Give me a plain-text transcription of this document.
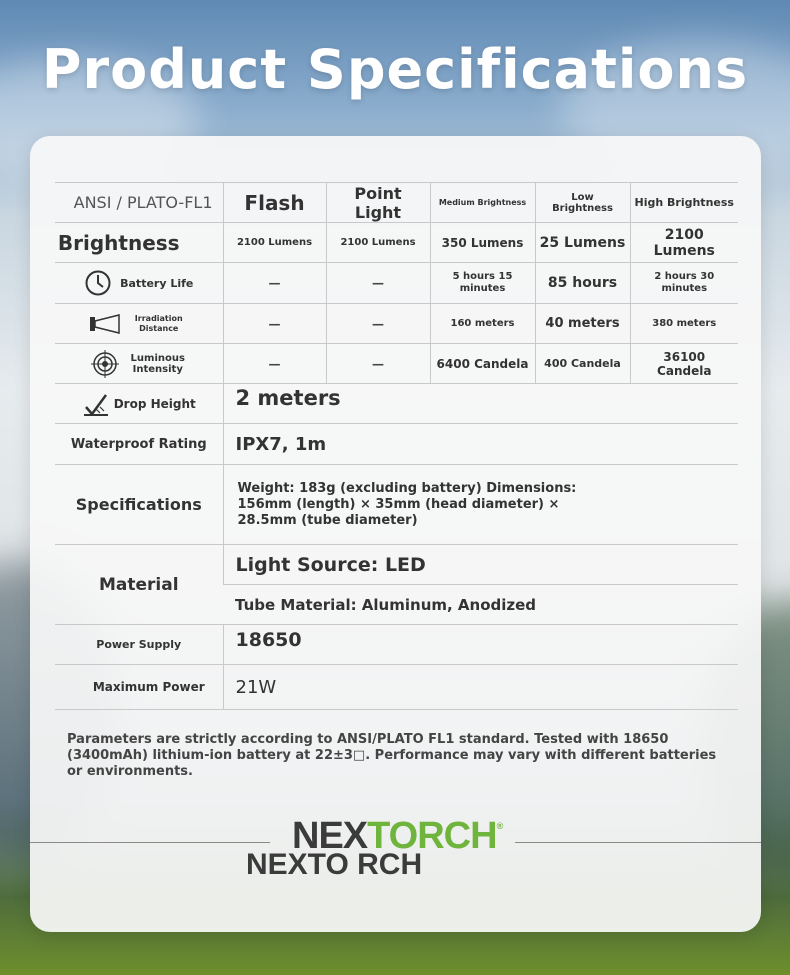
Product Specifications
ANSI / PLATO-FL1	Flash	Point Light	Medium Brightness	Low Brightness	High Brightness
Brightness	2100 Lumens	2100 Lumens	350 Lumens	25 Lumens	2100 Lumens

Battery Life	—	—	5 hours 15 minutes	85 hours	2 hours 30 minutes

Irradiation Distance	—	—	160 meters	40 meters	380 meters

Luminous Intensity	—	—	6400 Candela	400 Candela	36100 Candela

Drop Height	2 meters
Waterproof Rating	IPX7, 1m
Specifications	Weight: 183g (excluding battery) Dimensions: 156mm (length) × 35mm (head diameter) × 28.5mm (tube diameter)
Material	Light Source: LED
Tube Material: Aluminum, Anodized
Power Supply	18650
Maximum Power	21W
Parameters are strictly according to ANSI/PLATO FL1 standard. Tested with 18650 (3400mAh) lithium-ion battery at 22±3□. Performance may vary with different batteries or environments.
NEXTORCH®
NEXTO RCH
